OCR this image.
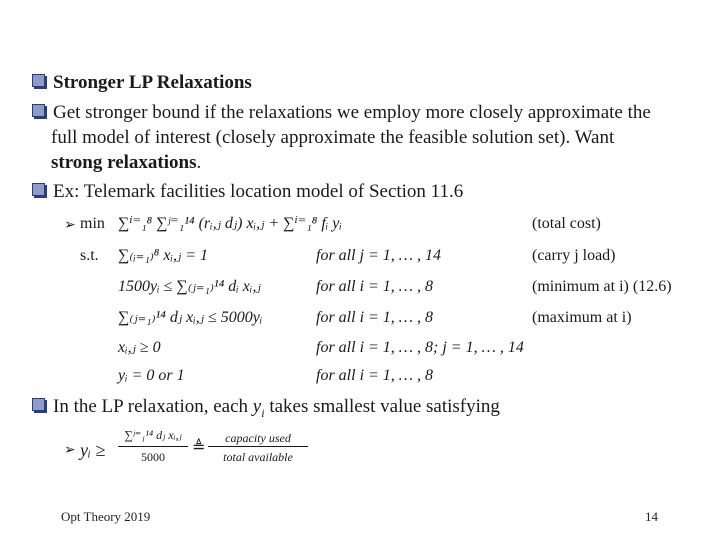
Stronger LP Relaxations
Get stronger bound if the relaxations we employ more closely approximate the
full model of interest (closely approximate the feasible solution set). Want
strong relaxations.
Ex: Telemark facilities location model of Section 11.6
➢ min ∑ⁱ⁼₁⁸ ∑ʲ⁼₁¹⁴ (rᵢ,ⱼ dⱼ) xᵢ,ⱼ + ∑ⁱ⁼₁⁸ fᵢ yᵢ	(total cost)
s.t. ∑₍ᵢ₌₁₎⁸ xᵢ,ⱼ = 1	for all j = 1, … , 14	(carry j load)
1500yᵢ ≤ ∑₍ⱼ₌₁₎¹⁴ dᵢ xᵢ,ⱼ	for all i = 1, … , 8	(minimum at i) (12.6)
∑₍ⱼ₌₁₎¹⁴ dⱼ xᵢ,ⱼ ≤ 5000yᵢ	for all i = 1, … , 8	(maximum at i)
xᵢ,ⱼ ≥ 0	for all i = 1, … , 8; j = 1, … , 14
yᵢ = 0 or 1	for all i = 1, … , 8
In the LP relaxation, each $y_i$ takes smallest value satisfying
➢ yᵢ ≥
∑ʲ⁼₁¹⁴ dⱼ xᵢ,ⱼ
5000
≜
capacity used
total available
Opt Theory 2019	14
